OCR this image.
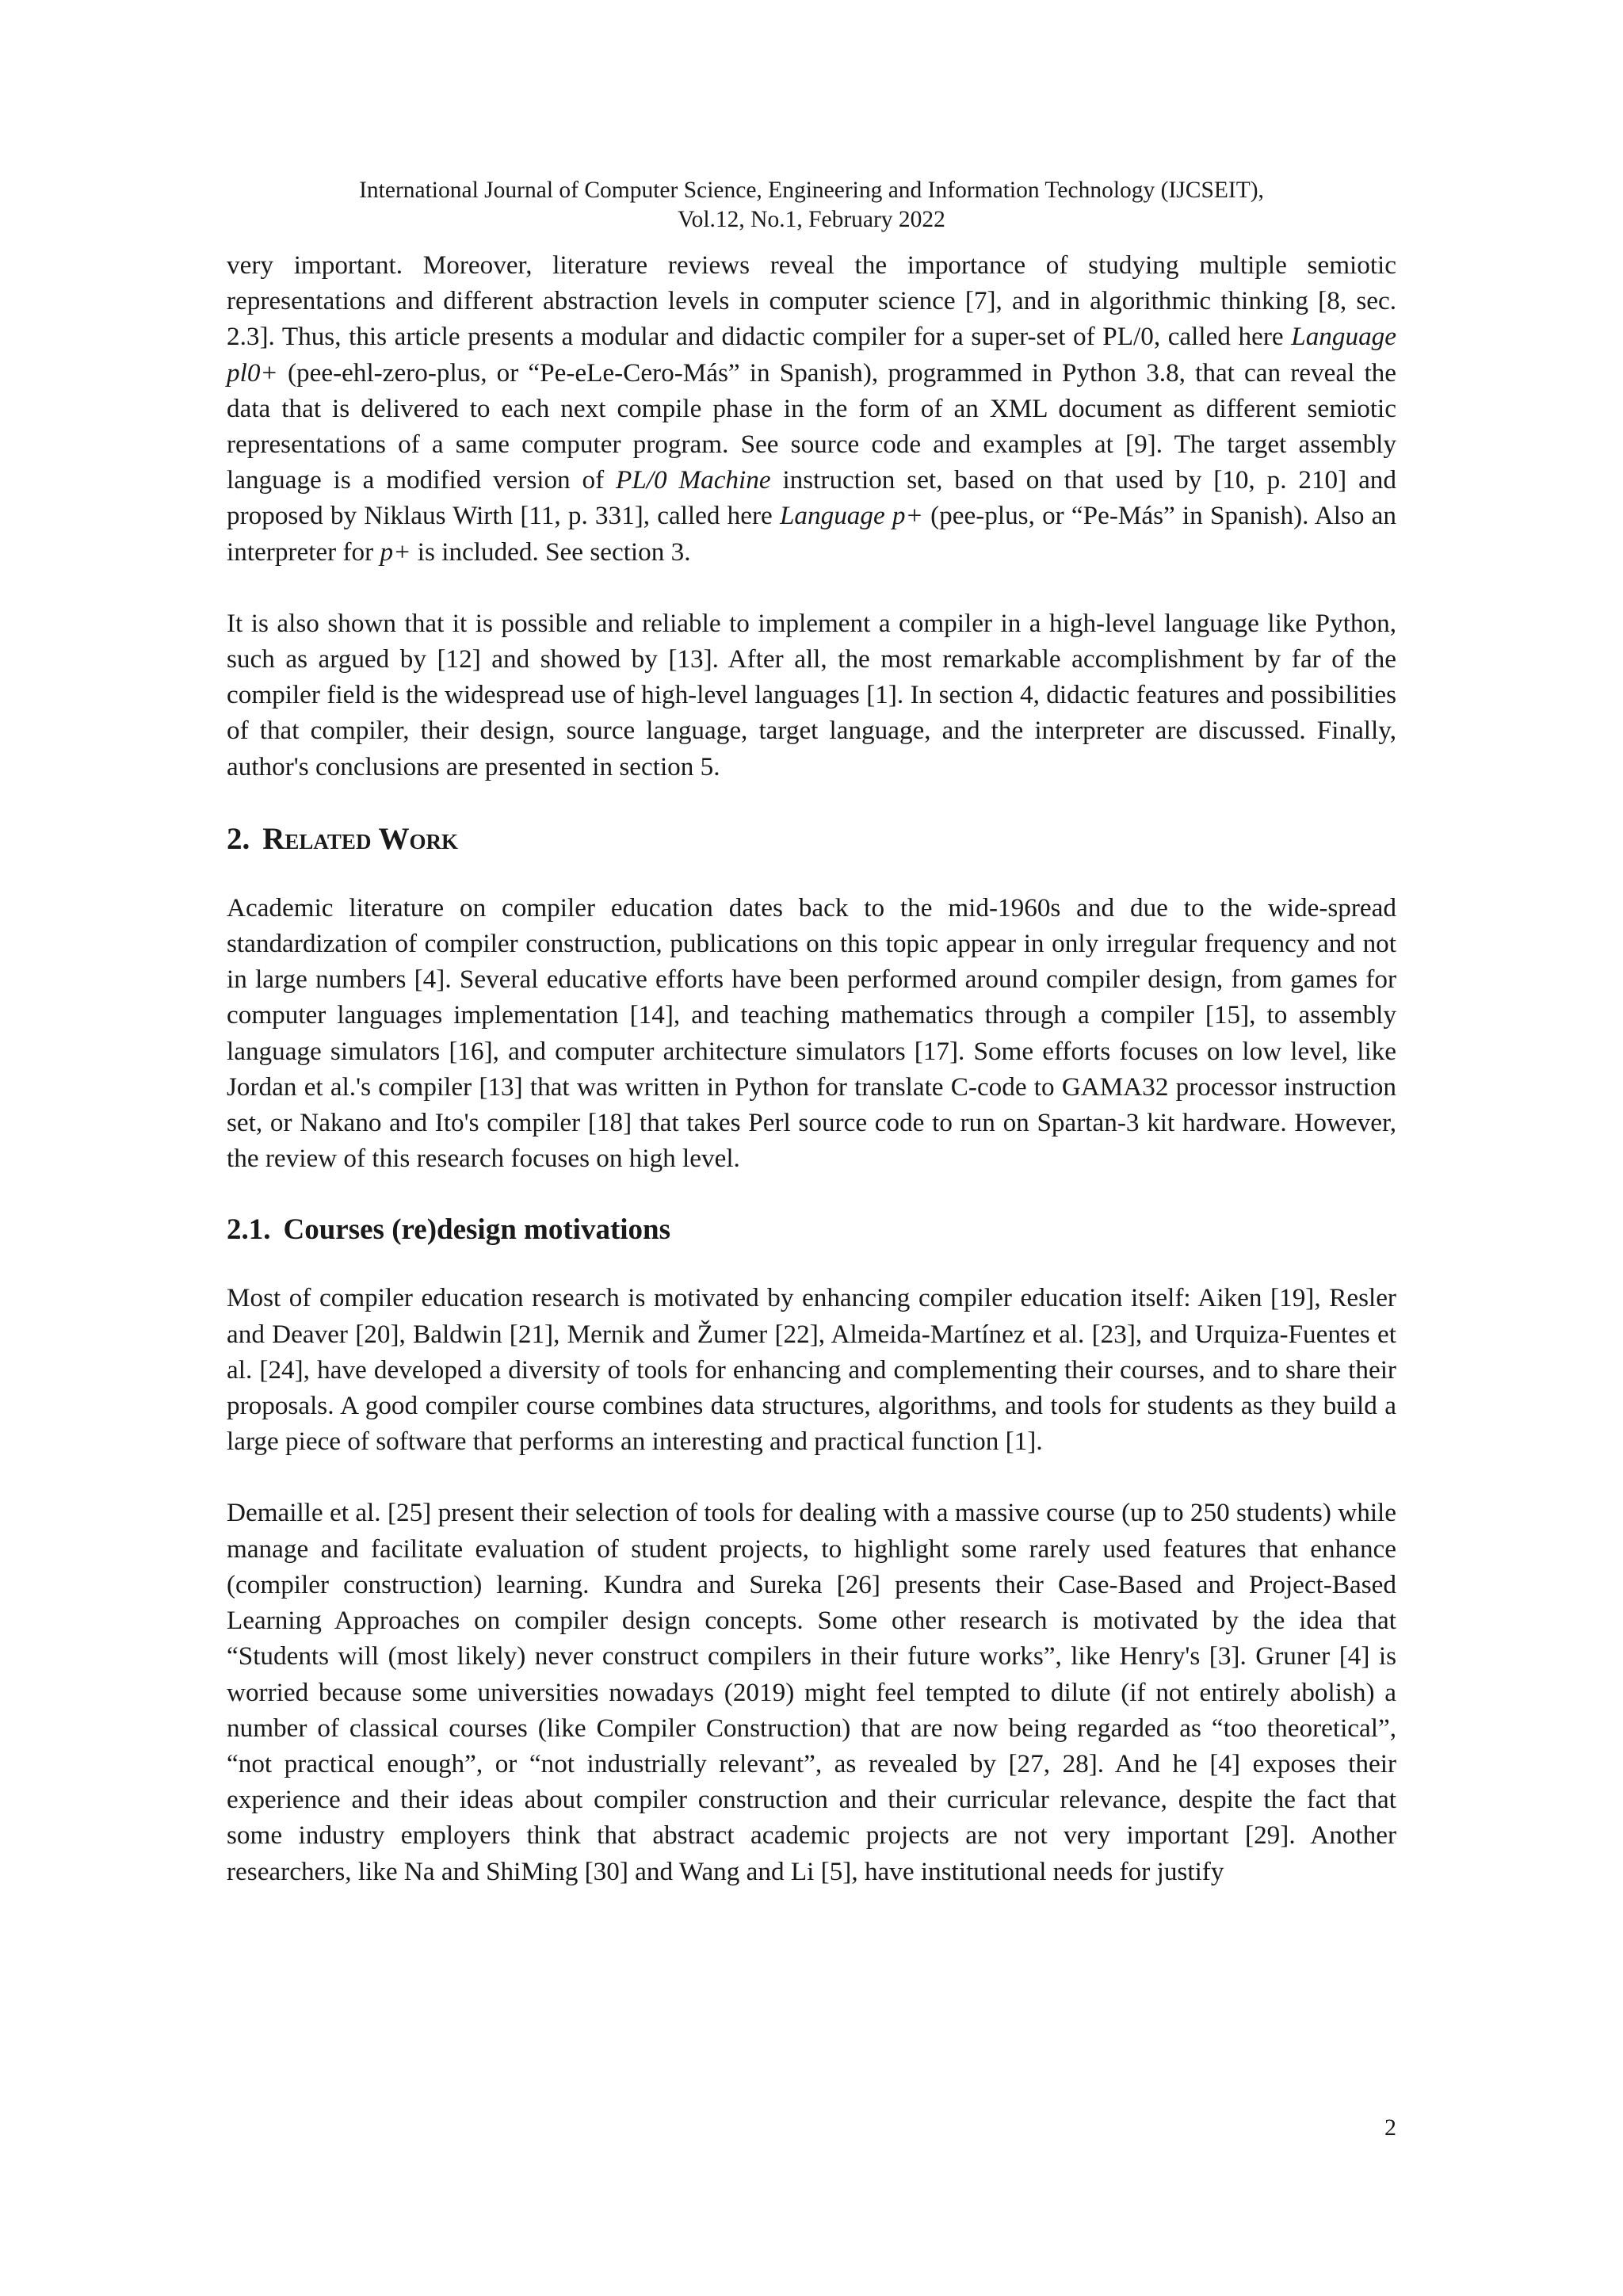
International Journal of Computer Science, Engineering and Information Technology (IJCSEIT),
Vol.12, No.1, February 2022

very important. Moreover, literature reviews reveal the importance of studying multiple semiotic representations and different abstraction levels in computer science [7], and in algorithmic thinking [8, sec. 2.3]. Thus, this article presents a modular and didactic compiler for a super-set of PL/0, called here Language pl0+ (pee-ehl-zero-plus, or “Pe-eLe-Cero-Más” in Spanish), programmed in Python 3.8, that can reveal the data that is delivered to each next compile phase in the form of an XML document as different semiotic representations of a same computer program. See source code and examples at [9]. The target assembly language is a modified version of PL/0 Machine instruction set, based on that used by [10, p. 210] and proposed by Niklaus Wirth [11, p. 331], called here Language p+ (pee-plus, or “Pe-Más” in Spanish). Also an interpreter for p+ is included. See section 3.

It is also shown that it is possible and reliable to implement a compiler in a high-level language like Python, such as argued by [12] and showed by [13]. After all, the most remarkable accomplishment by far of the compiler field is the widespread use of high-level languages [1]. In section 4, didactic features and possibilities of that compiler, their design, source language, target language, and the interpreter are discussed. Finally, author's conclusions are presented in section 5.

2. Related Work

Academic literature on compiler education dates back to the mid-1960s and due to the wide-spread standardization of compiler construction, publications on this topic appear in only irregular frequency and not in large numbers [4]. Several educative efforts have been performed around compiler design, from games for computer languages implementation [14], and teaching mathematics through a compiler [15], to assembly language simulators [16], and computer architecture simulators [17]. Some efforts focuses on low level, like Jordan et al.'s compiler [13] that was written in Python for translate C-code to GAMA32 processor instruction set, or Nakano and Ito's compiler [18] that takes Perl source code to run on Spartan-3 kit hardware. However, the review of this research focuses on high level.

2.1. Courses (re)design motivations

Most of compiler education research is motivated by enhancing compiler education itself: Aiken [19], Resler and Deaver [20], Baldwin [21], Mernik and Žumer [22], Almeida-Martínez et al. [23], and Urquiza-Fuentes et al. [24], have developed a diversity of tools for enhancing and complementing their courses, and to share their proposals. A good compiler course combines data structures, algorithms, and tools for students as they build a large piece of software that performs an interesting and practical function [1].

Demaille et al. [25] present their selection of tools for dealing with a massive course (up to 250 students) while manage and facilitate evaluation of student projects, to highlight some rarely used features that enhance (compiler construction) learning. Kundra and Sureka [26] presents their Case-Based and Project-Based Learning Approaches on compiler design concepts. Some other research is motivated by the idea that “Students will (most likely) never construct compilers in their future works”, like Henry's [3]. Gruner [4] is worried because some universities nowadays (2019) might feel tempted to dilute (if not entirely abolish) a number of classical courses (like Compiler Construction) that are now being regarded as “too theoretical”, “not practical enough”, or “not industrially relevant”, as revealed by [27, 28]. And he [4] exposes their experience and their ideas about compiler construction and their curricular relevance, despite the fact that some industry employers think that abstract academic projects are not very important [29]. Another researchers, like Na and ShiMing [30] and Wang and Li [5], have institutional needs for justify

2
